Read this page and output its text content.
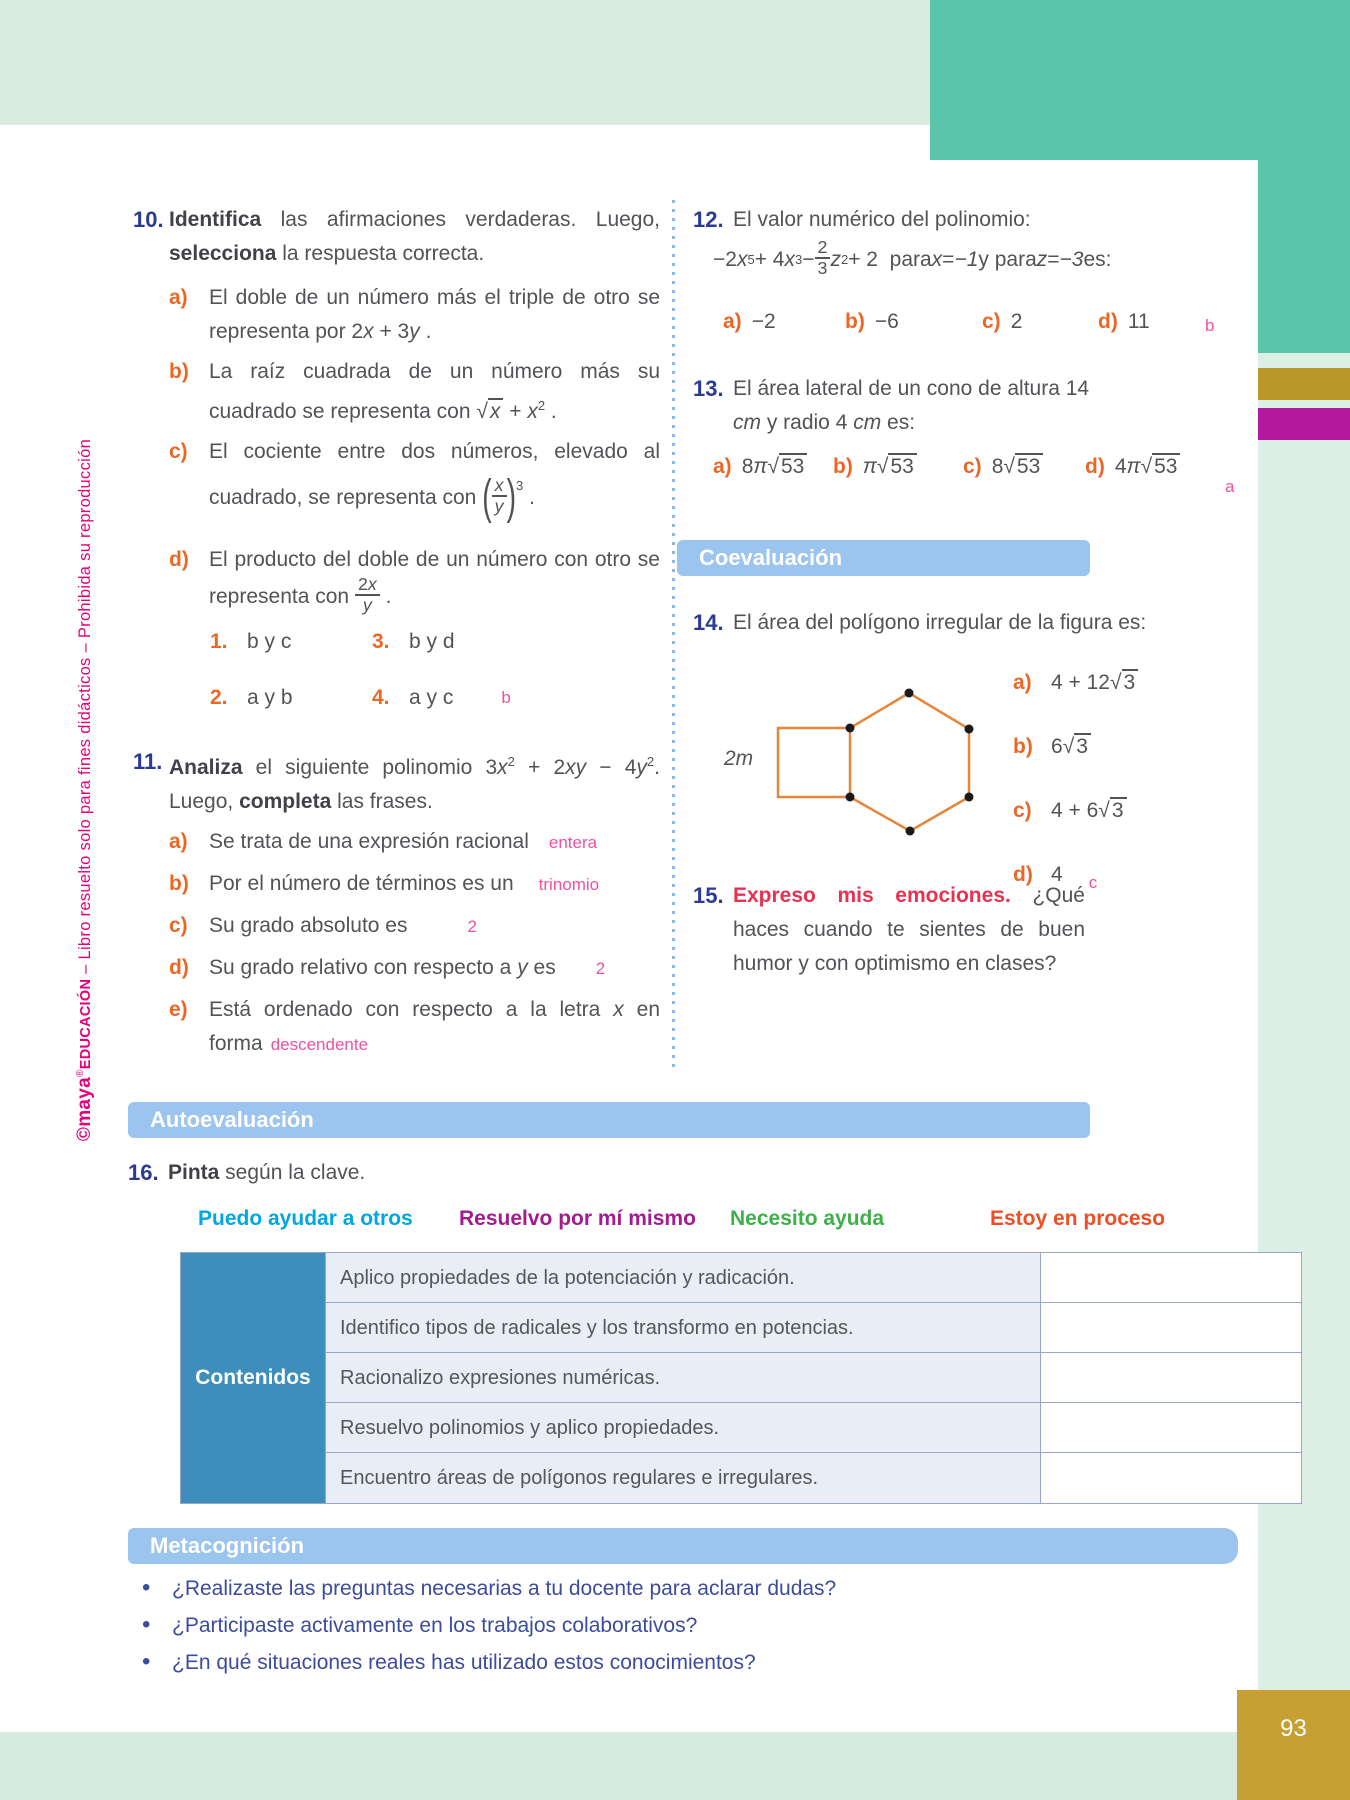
©maya®EDUCACIÓN – Libro resuelto solo para fines didácticos – Prohibida su reproducción
10. Identifica las afirmaciones verdaderas. Luego, selecciona la respuesta correcta.
a)	El doble de un número más el triple de otro se representa por 2x + 3y .
b) La raíz cuadrada de un número más su cuadrado se representa con $√x + x^2$ .
c)	El cociente entre dos números, elevado al cuadrado, se representa con ( $\frac{x}{y} )^3$ .
d) El producto del doble de un número con otro se representa con $\frac{2x}{y}$ .
1. b y c	3. b y d
2. a y b	4. a y c	b
11. Analiza el siguiente polinomio $3x^2 + 2xy - 4y^2$. Luego, completa las frases.
a)	Se trata de una expresión racional entera
b) Por el número de términos es un trinomio
c)	Su grado absoluto es	2
d) Su grado relativo con respecto a y es 2
e)	Está ordenado con respecto a la letra x en forma descendente
12. El valor numérico del polinomio:
−2 x 5 + 4 x $3 - \frac{2}{3}$ z 2 + 2  para x = −1 y para z = −3 es:
a) −2	b) −6	c) 2	d) 11	b
13. El área lateral de un cono de altura 14 cm y radio 4 cm es:
a) 8π√53 b) π√53 c) 8√53 d) 4π√53
a
Coevaluación
14. El área del polígono irregular de la figura es:
2m
a) 4 + 12√3
b) 6√3
c) 4 + 6√3
d) 4 c
15. Expreso mis emociones. ¿Qué haces cuando te sientes de buen humor y con optimismo en clases?
Autoevaluación
16. Pinta según la clave.
Puedo ayudar a otros Resuelvo por mí mismo Necesito ayuda	Estoy en proceso
Contenidos
Aplico propiedades de la potenciación y radicación.
Identifico tipos de radicales y los transformo en potencias.
Racionalizo expresiones numéricas.
Resuelvo polinomios y aplico propiedades.
Encuentro áreas de polígonos regulares e irregulares.
Metacognición
•	¿Realizaste las preguntas necesarias a tu docente para aclarar dudas?
•	¿Participaste activamente en los trabajos colaborativos?
•	¿En qué situaciones reales has utilizado estos conocimientos?
93
